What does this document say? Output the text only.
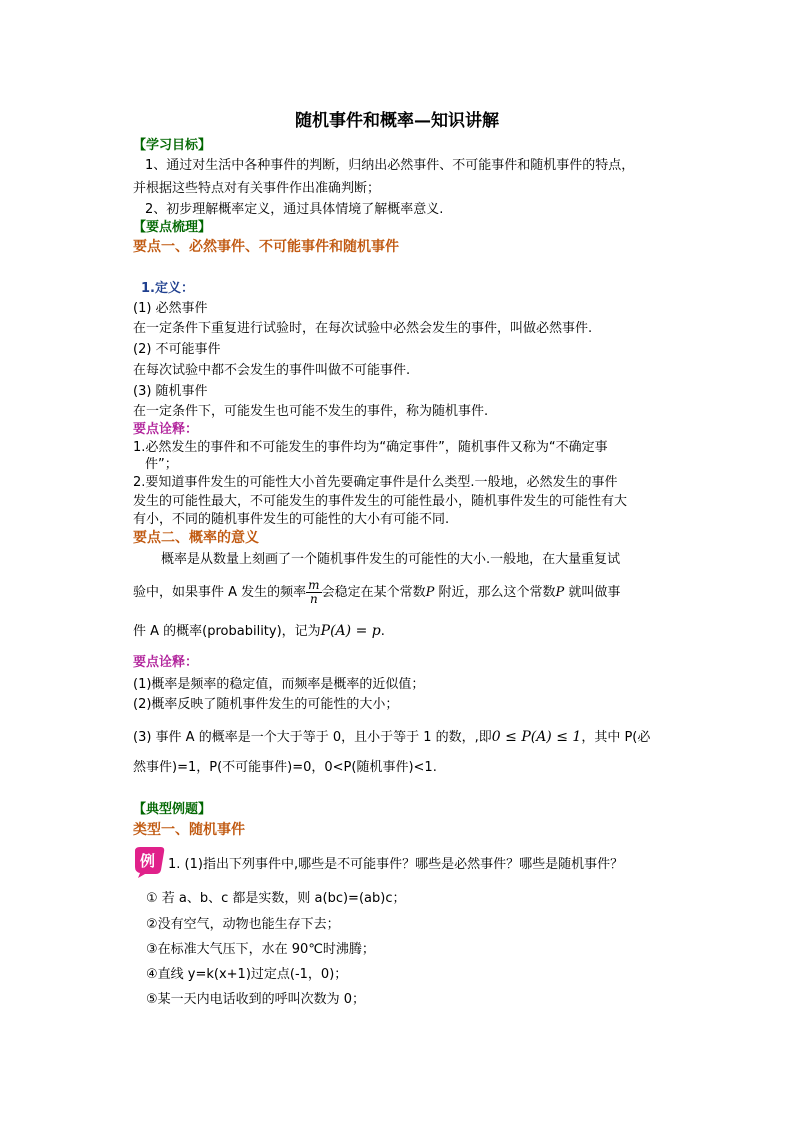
随机事件和概率—知识讲解
【学习目标】
1、通过对生活中各种事件的判断，归纳出必然事件、不可能事件和随机事件的特点，
并根据这些特点对有关事件作出准确判断；
2、初步理解概率定义，通过具体情境了解概率意义.
【要点梳理】
要点一、必然事件、不可能事件和随机事件
1.定义：
(1) 必然事件
在一定条件下重复进行试验时，在每次试验中必然会发生的事件，叫做必然事件.
(2) 不可能事件
在每次试验中都不会发生的事件叫做不可能事件.
(3) 随机事件
在一定条件下，可能发生也可能不发生的事件，称为随机事件.
要点诠释：
1.必然发生的事件和不可能发生的事件均为“确定事件”，随机事件又称为“不确定事
件”；
2.要知道事件发生的可能性大小首先要确定事件是什么类型.一般地，必然发生的事件
发生的可能性最大，不可能发生的事件发生的可能性最小，随机事件发生的可能性有大
有小，不同的随机事件发生的可能性的大小有可能不同.
要点二、概率的意义
概率是从数量上刻画了一个随机事件发生的可能性的大小.一般地，在大量重复试
验中，如果事件 A 发生的频率 $\frac{m}{n}$ 会稳定在某个常数P 附近，那么这个常数P 就叫做事
件 A 的概率(probability)，记为P(A) = p.
要点诠释：
(1)概率是频率的稳定值，而频率是概率的近似值；
(2)概率反映了随机事件发生的可能性的大小；
(3) 事件 A 的概率是一个大于等于 0，且小于等于 1 的数，,即0 ≤ P(A) ≤ 1，其中 P(必
然事件)=1，P(不可能事件)=0，0<P(随机事件)<1.
【典型例题】
类型一、随机事件
例 1. (1)指出下列事件中,哪些是不可能事件？哪些是必然事件？哪些是随机事件？
① 若 a、b、c 都是实数，则 a(bc)=(ab)c；
②没有空气，动物也能生存下去；
③在标准大气压下，水在 90℃时沸腾；
④直线 y=k(x+1)过定点(-1，0)；
⑤某一天内电话收到的呼叫次数为 0；
